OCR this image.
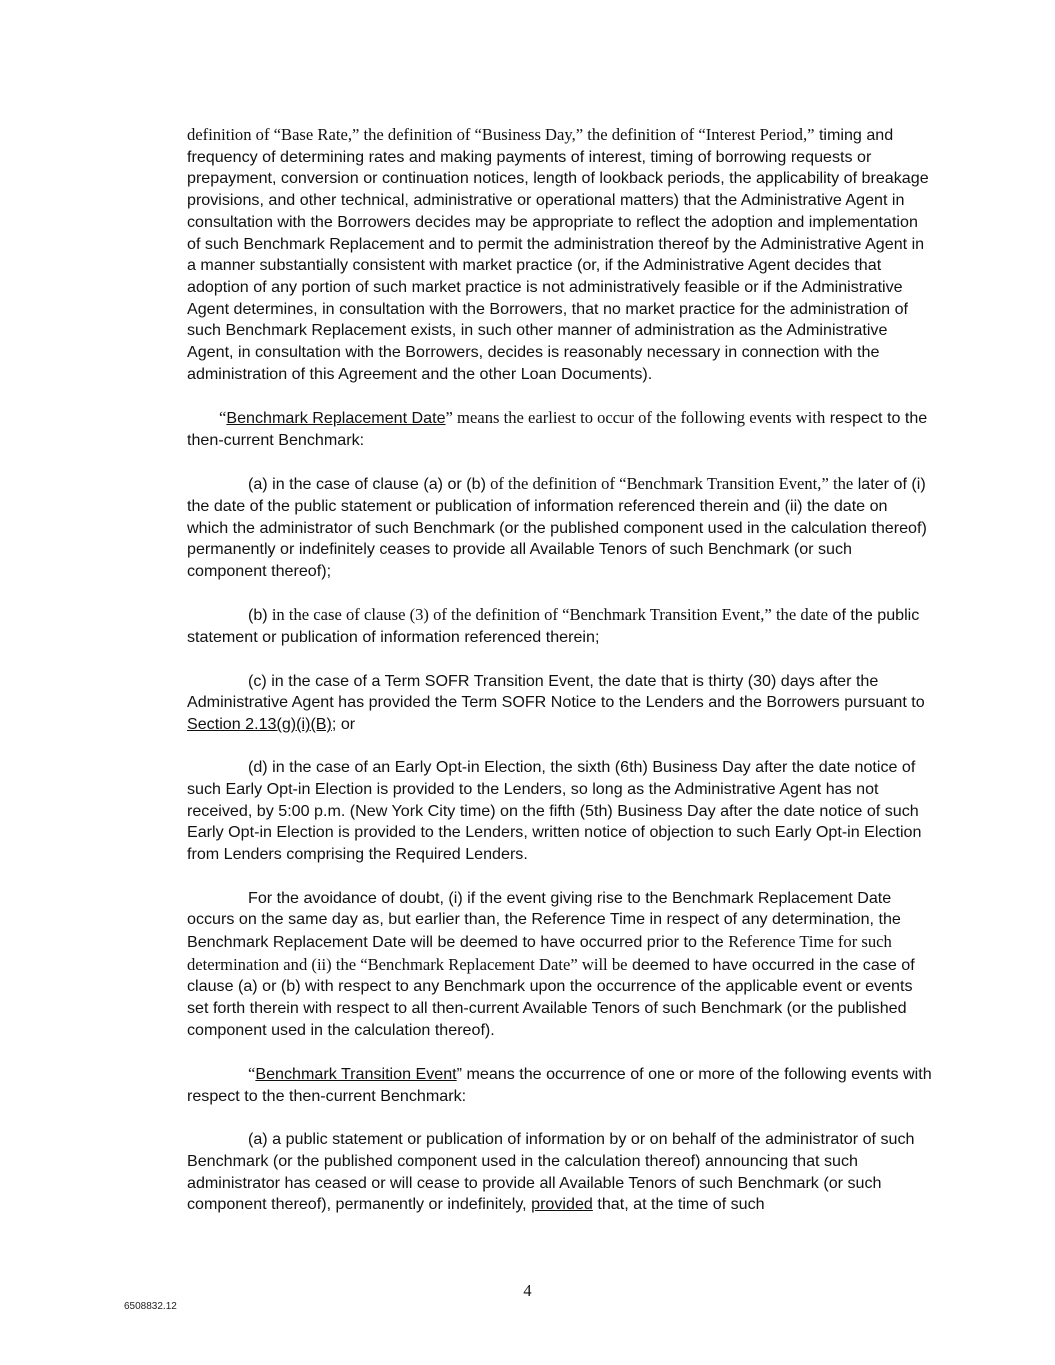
definition of “Base Rate,” the definition of “Business Day,” the definition of “Interest Period,” timing and frequency of determining rates and making payments of interest, timing of borrowing requests or prepayment, conversion or continuation notices, length of lookback periods, the applicability of breakage provisions, and other technical, administrative or operational matters) that the Administrative Agent in consultation with the Borrowers decides may be appropriate to reflect the adoption and implementation of such Benchmark Replacement and to permit the administration thereof by the Administrative Agent in a manner substantially consistent with market practice (or, if the Administrative Agent decides that adoption of any portion of such market practice is not administratively feasible or if the Administrative Agent determines, in consultation with the Borrowers, that no market practice for the administration of such Benchmark Replacement exists, in such other manner of administration as the Administrative Agent, in consultation with the Borrowers, decides is reasonably necessary in connection with the administration of this Agreement and the other Loan Documents).

“Benchmark Replacement Date” means the earliest to occur of the following events with respect to the then-current Benchmark:

(a) in the case of clause (a) or (b) of the definition of “Benchmark Transition Event,” the later of (i) the date of the public statement or publication of information referenced therein and (ii) the date on which the administrator of such Benchmark (or the published component used in the calculation thereof) permanently or indefinitely ceases to provide all Available Tenors of such Benchmark (or such component thereof);

(b) in the case of clause (3) of the definition of “Benchmark Transition Event,” the date of the public statement or publication of information referenced therein;

(c) in the case of a Term SOFR Transition Event, the date that is thirty (30) days after the Administrative Agent has provided the Term SOFR Notice to the Lenders and the Borrowers pursuant to Section 2.13(g)(i)(B); or

(d) in the case of an Early Opt-in Election, the sixth (6th) Business Day after the date notice of such Early Opt-in Election is provided to the Lenders, so long as the Administrative Agent has not received, by 5:00 p.m. (New York City time) on the fifth (5th) Business Day after the date notice of such Early Opt-in Election is provided to the Lenders, written notice of objection to such Early Opt-in Election from Lenders comprising the Required Lenders.

For the avoidance of doubt, (i) if the event giving rise to the Benchmark Replacement Date occurs on the same day as, but earlier than, the Reference Time in respect of any determination, the Benchmark Replacement Date will be deemed to have occurred prior to the Reference Time for such determination and (ii) the “Benchmark Replacement Date” will be deemed to have occurred in the case of clause (a) or (b) with respect to any Benchmark upon the occurrence of the applicable event or events set forth therein with respect to all then-current Available Tenors of such Benchmark (or the published component used in the calculation thereof).

“Benchmark Transition Event” means the occurrence of one or more of the following events with respect to the then-current Benchmark:

(a) a public statement or publication of information by or on behalf of the administrator of such Benchmark (or the published component used in the calculation thereof) announcing that such administrator has ceased or will cease to provide all Available Tenors of such Benchmark (or such component thereof), permanently or indefinitely, provided that, at the time of such

4
6508832.12
